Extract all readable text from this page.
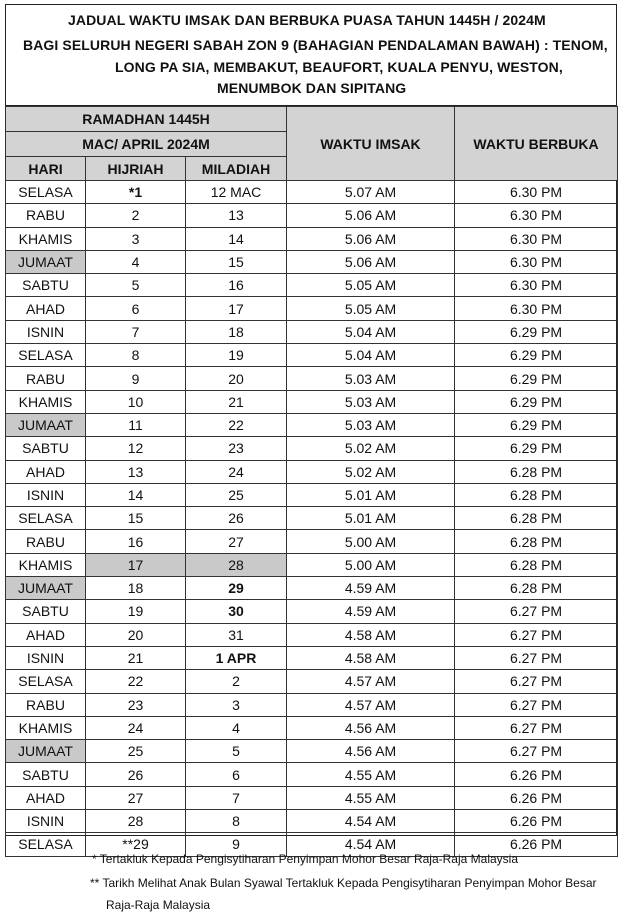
JADUAL WAKTU IMSAK DAN BERBUKA PUASA TAHUN 1445H / 2024M
BAGI SELURUH NEGERI SABAH ZON 9 (BAHAGIAN PENDALAMAN BAWAH) : TENOM,
LONG PA SIA, MEMBAKUT, BEAUFORT, KUALA PENYU, WESTON,
MENUMBOK DAN SIPITANG
RAMADHAN 1445H			WAKTU IMSAK	WAKTU BERBUKA
MAC/ APRIL 2024M				
HARI	HIJRIAH	MILADIAH		
SELASA	*1	12 MAC	5.07 AM	6.30 PM
RABU	2	13	5.06 AM	6.30 PM
KHAMIS	3	14	5.06 AM	6.30 PM
JUMAAT	4	15	5.06 AM	6.30 PM
SABTU	5	16	5.05 AM	6.30 PM
AHAD	6	17	5.05 AM	6.30 PM
ISNIN	7	18	5.04 AM	6.29 PM
SELASA	8	19	5.04 AM	6.29 PM
RABU	9	20	5.03 AM	6.29 PM
KHAMIS	10	21	5.03 AM	6.29 PM
JUMAAT	11	22	5.03 AM	6.29 PM
SABTU	12	23	5.02 AM	6.29 PM
AHAD	13	24	5.02 AM	6.28 PM
ISNIN	14	25	5.01 AM	6.28 PM
SELASA	15	26	5.01 AM	6.28 PM
RABU	16	27	5.00 AM	6.28 PM
KHAMIS	17	28	5.00 AM	6.28 PM
JUMAAT	18	29	4.59 AM	6.28 PM
SABTU	19	30	4.59 AM	6.27 PM
AHAD	20	31	4.58 AM	6.27 PM
ISNIN	21	1 APR	4.58 AM	6.27 PM
SELASA	22	2	4.57 AM	6.27 PM
RABU	23	3	4.57 AM	6.27 PM
KHAMIS	24	4	4.56 AM	6.27 PM
JUMAAT	25	5	4.56 AM	6.27 PM
SABTU	26	6	4.55 AM	6.26 PM
AHAD	27	7	4.55 AM	6.26 PM
ISNIN	28	8	4.54 AM	6.26 PM
SELASA	**29	9	4.54 AM	6.26 PM
* Tertakluk Kepada Pengisytiharan Penyimpan Mohor Besar Raja-Raja Malaysia
** Tarikh Melihat Anak Bulan Syawal Tertakluk Kepada Pengisytiharan Penyimpan Mohor Besar
Raja-Raja Malaysia
